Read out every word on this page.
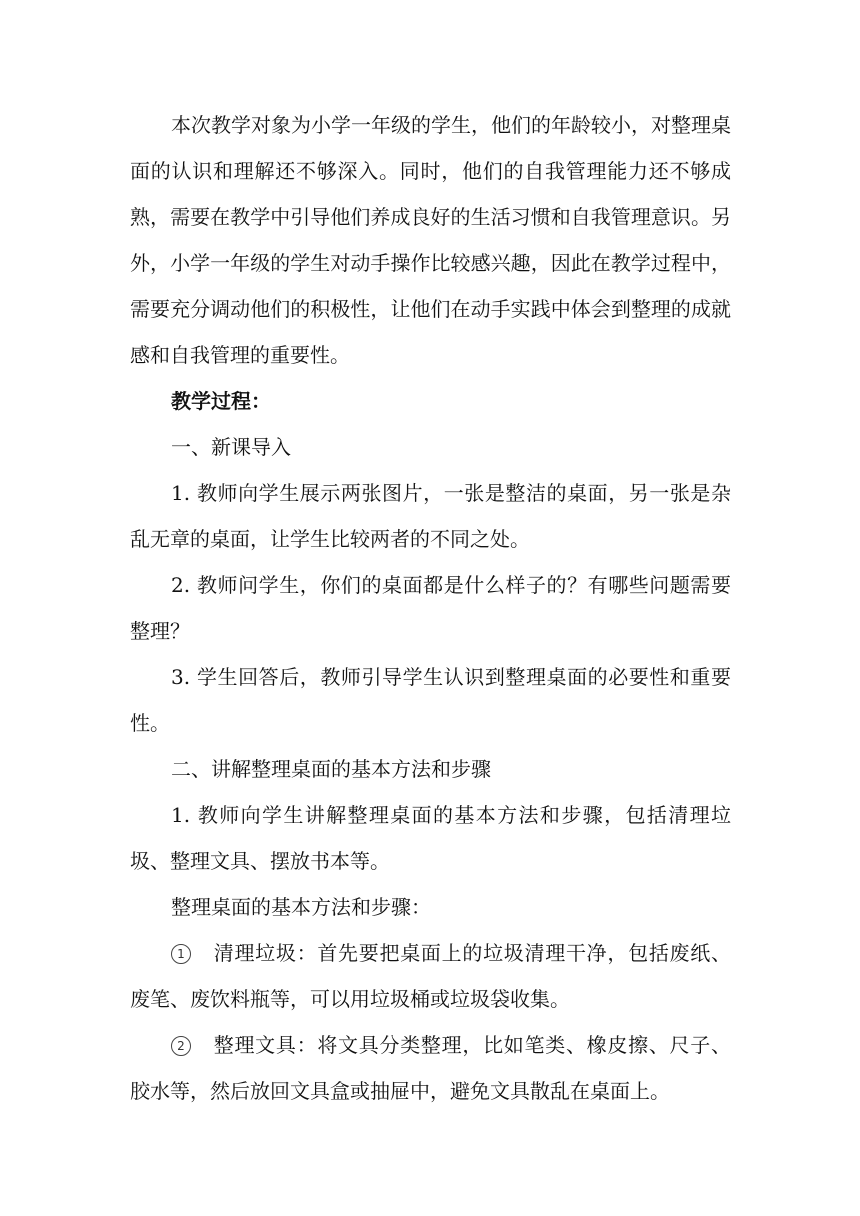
本次教学对象为小学一年级的学生，他们的年龄较小，对整理桌面的认识和理解还不够深入。同时，他们的自我管理能力还不够成熟，需要在教学中引导他们养成良好的生活习惯和自我管理意识。另外，小学一年级的学生对动手操作比较感兴趣，因此在教学过程中，需要充分调动他们的积极性，让他们在动手实践中体会到整理的成就感和自我管理的重要性。

教学过程：

一、新课导入

1. 教师向学生展示两张图片，一张是整洁的桌面，另一张是杂乱无章的桌面，让学生比较两者的不同之处。

2. 教师问学生，你们的桌面都是什么样子的？有哪些问题需要整理？

3. 学生回答后，教师引导学生认识到整理桌面的必要性和重要性。

二、讲解整理桌面的基本方法和步骤

1. 教师向学生讲解整理桌面的基本方法和步骤，包括清理垃圾、整理文具、摆放书本等。

整理桌面的基本方法和步骤：

1 清理垃圾：首先要把桌面上的垃圾清理干净，包括废纸、废笔、废饮料瓶等，可以用垃圾桶或垃圾袋收集。

2 整理文具：将文具分类整理，比如笔类、橡皮擦、尺子、胶水等，然后放回文具盒或抽屉中，避免文具散乱在桌面上。
